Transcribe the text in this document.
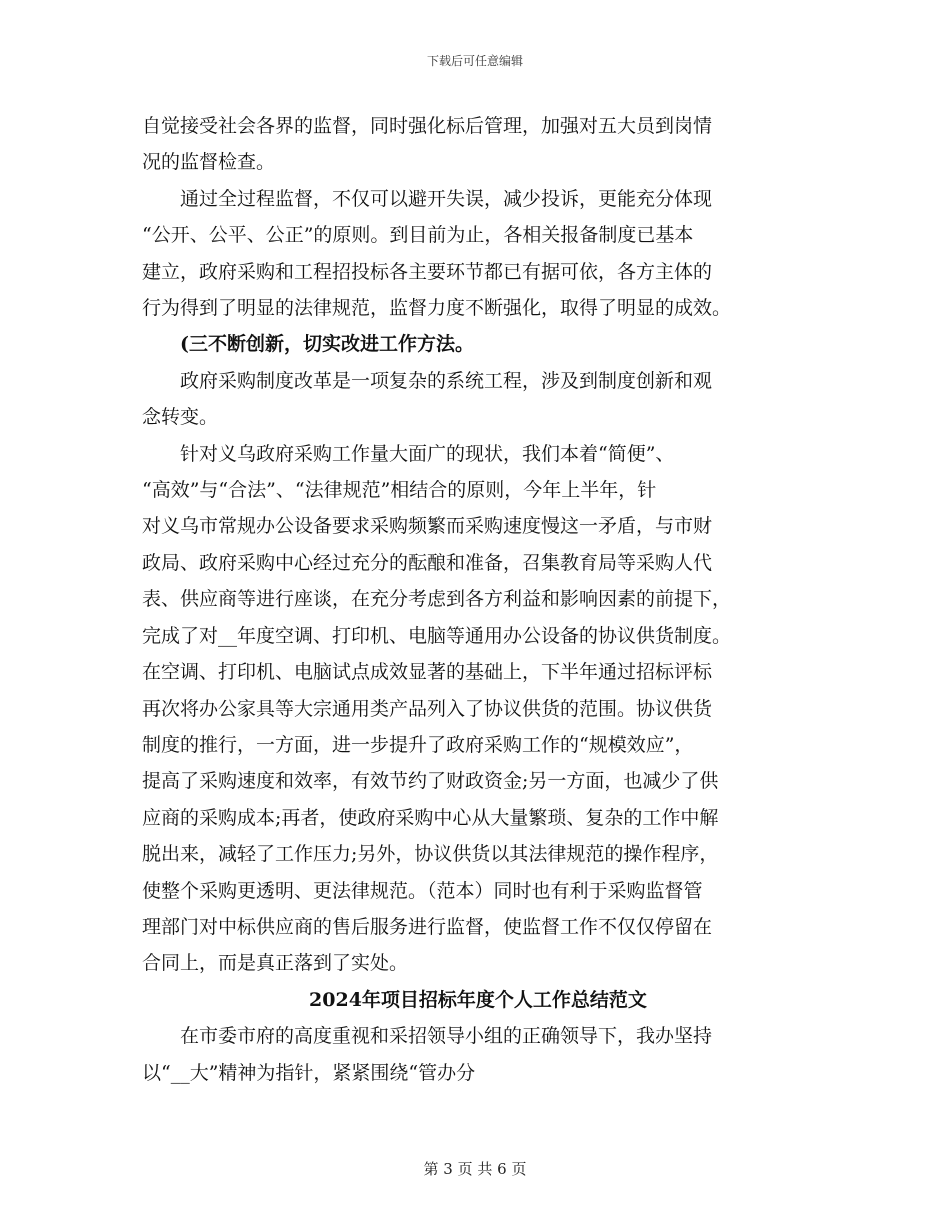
下载后可任意编辑

自觉接受社会各界的监督，同时强化标后管理，加强对五大员到岗情

况的监督检查。

　　通过全过程监督，不仅可以避开失误，减少投诉，更能充分体现

“公开、公平、公正”的原则。到目前为止，各相关报备制度已基本

建立，政府采购和工程招投标各主要环节都已有据可依，各方主体的

行为得到了明显的法律规范，监督力度不断强化，取得了明显的成效。

　　(三不断创新，切实改进工作方法。

　　政府采购制度改革是一项复杂的系统工程，涉及到制度创新和观

念转变。

　　针对义乌政府采购工作量大面广的现状，我们本着“简便”、

“高效”与“合法”、“法律规范”相结合的原则，今年上半年，针

对义乌市常规办公设备要求采购频繁而采购速度慢这一矛盾，与市财

政局、政府采购中心经过充分的酝酿和准备，召集教育局等采购人代

表、供应商等进行座谈，在充分考虑到各方利益和影响因素的前提下，

完成了对__年度空调、打印机、电脑等通用办公设备的协议供货制度。

在空调、打印机、电脑试点成效显著的基础上，下半年通过招标评标

再次将办公家具等大宗通用类产品列入了协议供货的范围。协议供货

制度的推行，一方面，进一步提升了政府采购工作的“规模效应”，

提高了采购速度和效率，有效节约了财政资金;另一方面，也减少了供

应商的采购成本;再者，使政府采购中心从大量繁琐、复杂的工作中解

脱出来，减轻了工作压力;另外，协议供货以其法律规范的操作程序，

使整个采购更透明、更法律规范。（范本）同时也有利于采购监督管

理部门对中标供应商的售后服务进行监督，使监督工作不仅仅停留在

合同上，而是真正落到了实处。

2024年项目招标年度个人工作总结范文

　　在市委市府的高度重视和采招领导小组的正确领导下，我办坚持

以“__大”精神为指针，紧紧围绕“管办分

第 3 页 共 6 页
